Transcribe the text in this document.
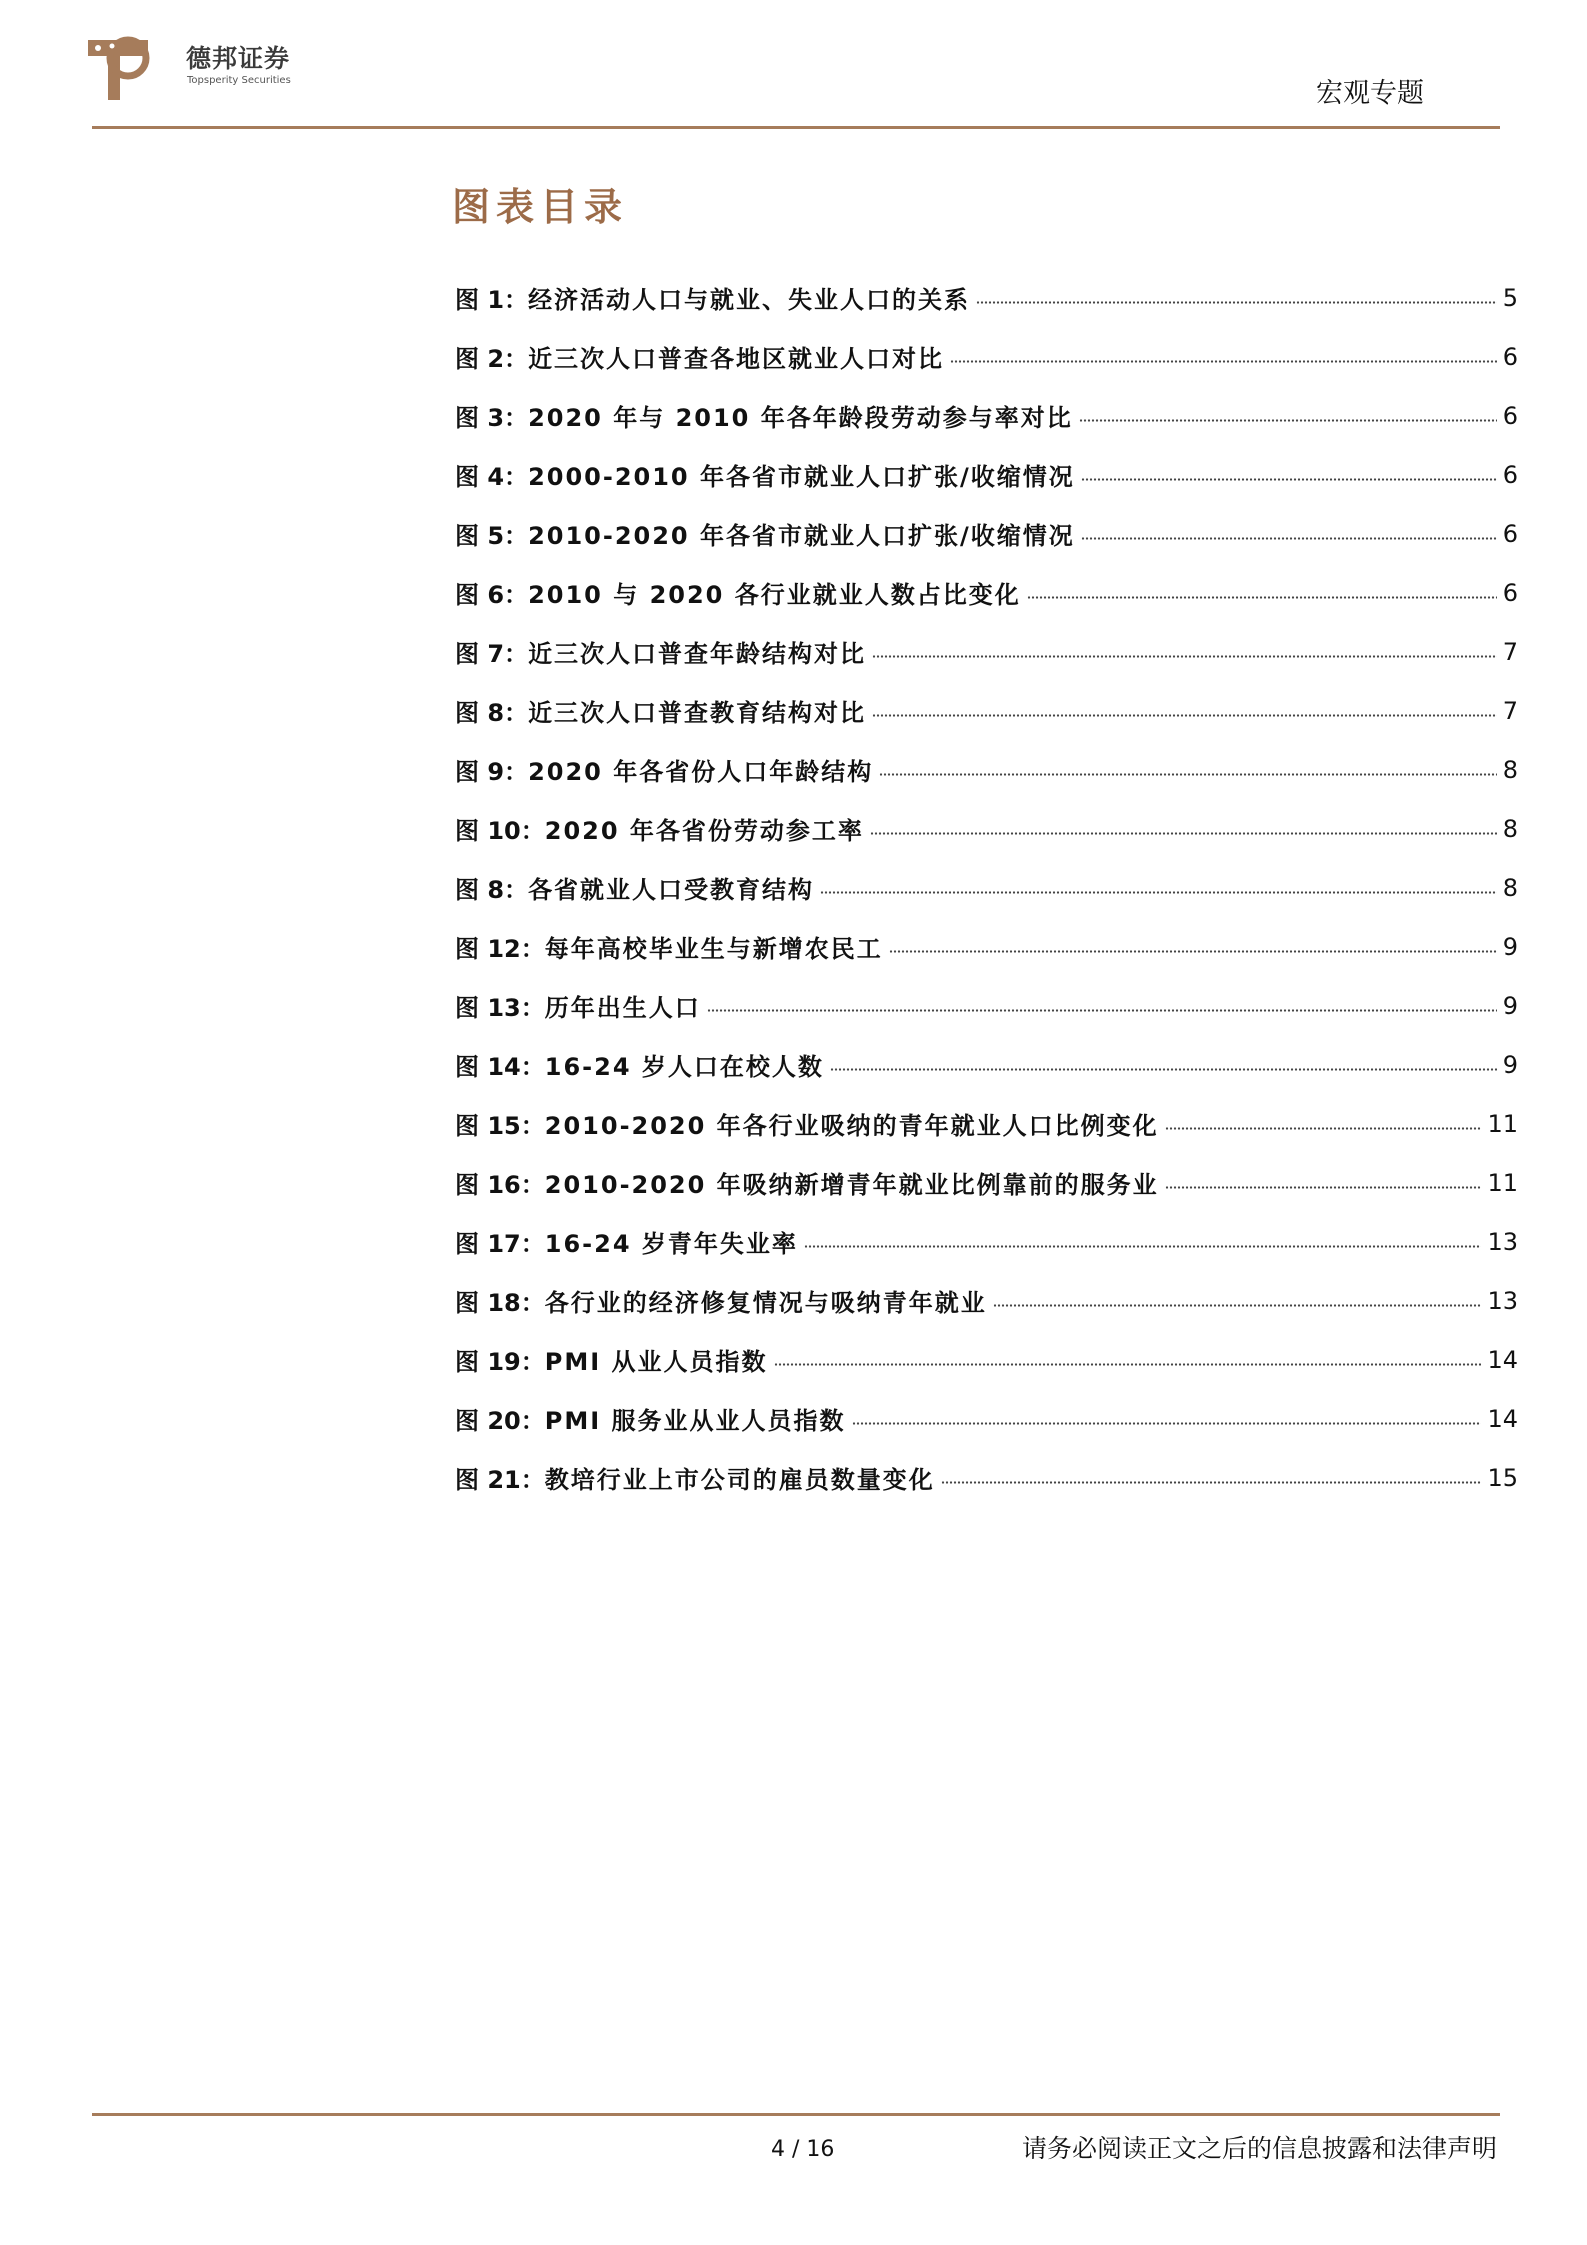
德邦证券
Topsperity Securities	宏观专题
图表目录
图 1： 经济活动人口与就业、失业人口的关系	5
图 2： 近三次人口普查各地区就业人口对比	6
图 3： 2020 年与 2010 年各年龄段劳动参与率对比	6
图 4： 2000-2010 年各省市就业人口扩张/收缩情况	6
图 5： 2010-2020 年各省市就业人口扩张/收缩情况	6
图 6： 2010 与 2020 各行业就业人数占比变化	6
图 7： 近三次人口普查年龄结构对比	7
图 8： 近三次人口普查教育结构对比	7
图 9： 2020 年各省份人口年龄结构	8
图 10： 2020 年各省份劳动参工率	8
图 8： 各省就业人口受教育结构	8
图 12： 每年高校毕业生与新增农民工	9
图 13： 历年出生人口	9
图 14： 16-24 岁人口在校人数	9
图 15： 2010-2020 年各行业吸纳的青年就业人口比例变化	11
图 16： 2010-2020 年吸纳新增青年就业比例靠前的服务业	11
图 17： 16-24 岁青年失业率	13
图 18： 各行业的经济修复情况与吸纳青年就业	13
图 19： PMI 从业人员指数	14
图 20： PMI 服务业从业人员指数	14
图 21： 教培行业上市公司的雇员数量变化	15
4 / 16	请务必阅读正文之后的信息披露和法律声明
